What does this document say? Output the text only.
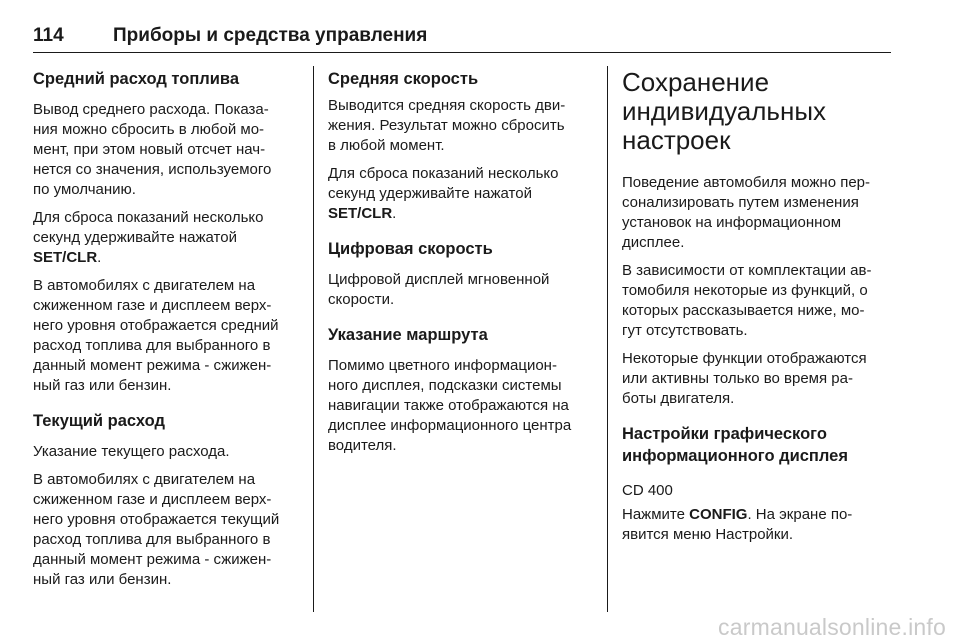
114	Приборы и средства управления
Средний расход топлива

Вывод среднего расхода. Показа-
ния можно сбросить в любой мо-
мент, при этом новый отсчет нач-
нется со значения, используемого
по умолчанию.

Для сброса показаний несколько
секунд удерживайте нажатой
SET/CLR.

В автомобилях с двигателем на
сжиженном газе и дисплеем верх-
него уровня отображается средний
расход топлива для выбранного в
данный момент режима - сжижен-
ный газ или бензин.

Текущий расход

Указание текущего расхода.

В автомобилях с двигателем на
сжиженном газе и дисплеем верх-
него уровня отображается текущий
расход топлива для выбранного в
данный момент режима - сжижен-
ный газ или бензин.

Средняя скорость

Выводится средняя скорость дви-
жения. Результат можно сбросить
в любой момент.

Для сброса показаний несколько
секунд удерживайте нажатой
SET/CLR.

Цифровая скорость

Цифровой дисплей мгновенной
скорости.

Указание маршрута

Помимо цветного информацион-
ного дисплея, подсказки системы
навигации также отображаются на
дисплее информационного центра
водителя.

Сохранение
индивидуальных
настроек

Поведение автомобиля можно пер-
сонализировать путем изменения
установок на информационном
дисплее.

В зависимости от комплектации ав-
томобиля некоторые из функций, о
которых рассказывается ниже, мо-
гут отсутствовать.

Некоторые функции отображаются
или активны только во время ра-
боты двигателя.

Настройки графического
информационного дисплея
CD 400

Нажмите CONFIG. На экране по-
явится меню Настройки.

carmanualsonline.info
